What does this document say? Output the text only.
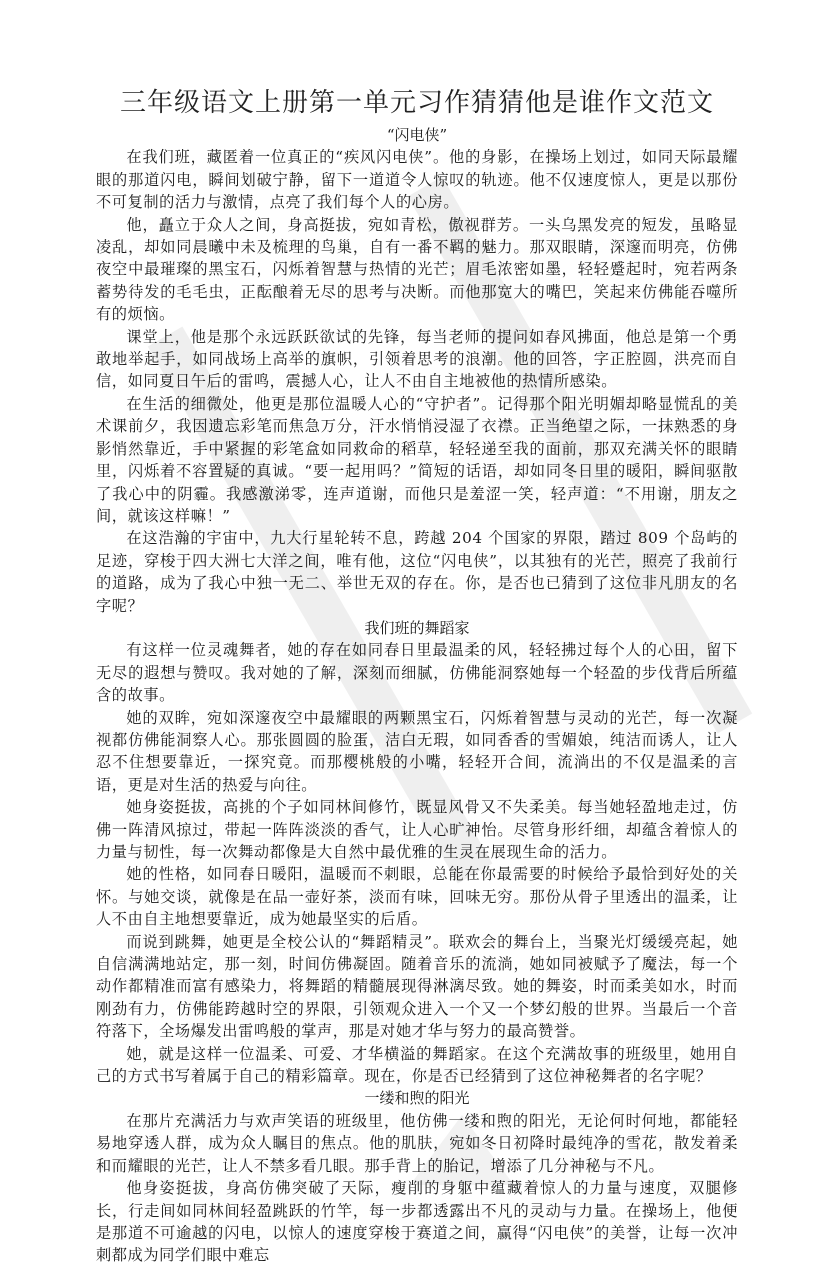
三年级语文上册第一单元习作猜猜他是谁作文范文
“闪电侠”

在我们班，藏匿着一位真正的“疾风闪电侠”。他的身影，在操场上划过，如同天际最耀眼的那道闪电，瞬间划破宁静，留下一道道令人惊叹的轨迹。他不仅速度惊人，更是以那份不可复制的活力与激情，点亮了我们每个人的心房。

他，矗立于众人之间，身高挺拔，宛如青松，傲视群芳。一头乌黑发亮的短发，虽略显凌乱，却如同晨曦中未及梳理的鸟巢，自有一番不羁的魅力。那双眼睛，深邃而明亮，仿佛夜空中最璀璨的黑宝石，闪烁着智慧与热情的光芒；眉毛浓密如墨，轻轻蹙起时，宛若两条蓄势待发的毛毛虫，正酝酿着无尽的思考与决断。而他那宽大的嘴巴，笑起来仿佛能吞噬所有的烦恼。

课堂上，他是那个永远跃跃欲试的先锋，每当老师的提问如春风拂面，他总是第一个勇敢地举起手，如同战场上高举的旗帜，引领着思考的浪潮。他的回答，字正腔圆，洪亮而自信，如同夏日午后的雷鸣，震撼人心，让人不由自主地被他的热情所感染。

在生活的细微处，他更是那位温暖人心的“守护者”。记得那个阳光明媚却略显慌乱的美术课前夕，我因遗忘彩笔而焦急万分，汗水悄悄浸湿了衣襟。正当绝望之际，一抹熟悉的身影悄然靠近，手中紧握的彩笔盒如同救命的稻草，轻轻递至我的面前，那双充满关怀的眼睛里，闪烁着不容置疑的真诚。“要一起用吗？”简短的话语，却如同冬日里的暖阳，瞬间驱散了我心中的阴霾。我感激涕零，连声道谢，而他只是羞涩一笑，轻声道：“不用谢，朋友之间，就该这样嘛！”

在这浩瀚的宇宙中，九大行星轮转不息，跨越 204 个国家的界限，踏过 809 个岛屿的足迹，穿梭于四大洲七大洋之间，唯有他，这位“闪电侠”，以其独有的光芒，照亮了我前行的道路，成为了我心中独一无二、举世无双的存在。你，是否也已猜到了这位非凡朋友的名字呢？

我们班的舞蹈家

有这样一位灵魂舞者，她的存在如同春日里最温柔的风，轻轻拂过每个人的心田，留下无尽的遐想与赞叹。我对她的了解，深刻而细腻，仿佛能洞察她每一个轻盈的步伐背后所蕴含的故事。

她的双眸，宛如深邃夜空中最耀眼的两颗黑宝石，闪烁着智慧与灵动的光芒，每一次凝视都仿佛能洞察人心。那张圆圆的脸蛋，洁白无瑕，如同香香的雪媚娘，纯洁而诱人，让人忍不住想要靠近，一探究竟。而那樱桃般的小嘴，轻轻开合间，流淌出的不仅是温柔的言语，更是对生活的热爱与向往。

她身姿挺拔，高挑的个子如同林间修竹，既显风骨又不失柔美。每当她轻盈地走过，仿佛一阵清风掠过，带起一阵阵淡淡的香气，让人心旷神怡。尽管身形纤细，却蕴含着惊人的力量与韧性，每一次舞动都像是大自然中最优雅的生灵在展现生命的活力。

她的性格，如同春日暖阳，温暖而不刺眼，总能在你最需要的时候给予最恰到好处的关怀。与她交谈，就像是在品一壶好茶，淡而有味，回味无穷。那份从骨子里透出的温柔，让人不由自主地想要靠近，成为她最坚实的后盾。

而说到跳舞，她更是全校公认的“舞蹈精灵”。联欢会的舞台上，当聚光灯缓缓亮起，她自信满满地站定，那一刻，时间仿佛凝固。随着音乐的流淌，她如同被赋予了魔法，每一个动作都精准而富有感染力，将舞蹈的精髓展现得淋漓尽致。她的舞姿，时而柔美如水，时而刚劲有力，仿佛能跨越时空的界限，引领观众进入一个又一个梦幻般的世界。当最后一个音符落下，全场爆发出雷鸣般的掌声，那是对她才华与努力的最高赞誉。

她，就是这样一位温柔、可爱、才华横溢的舞蹈家。在这个充满故事的班级里，她用自己的方式书写着属于自己的精彩篇章。现在，你是否已经猜到了这位神秘舞者的名字呢？

一缕和煦的阳光

在那片充满活力与欢声笑语的班级里，他仿佛一缕和煦的阳光，无论何时何地，都能轻易地穿透人群，成为众人瞩目的焦点。他的肌肤，宛如冬日初降时最纯净的雪花，散发着柔和而耀眼的光芒，让人不禁多看几眼。那手背上的胎记，增添了几分神秘与不凡。

他身姿挺拔，身高仿佛突破了天际，瘦削的身躯中蕴藏着惊人的力量与速度，双腿修长，行走间如同林间轻盈跳跃的竹竿，每一步都透露出不凡的灵动与力量。在操场上，他便是那道不可逾越的闪电，以惊人的速度穿梭于赛道之间，赢得“闪电侠”的美誉，让每一次冲刺都成为同学们眼中难忘
